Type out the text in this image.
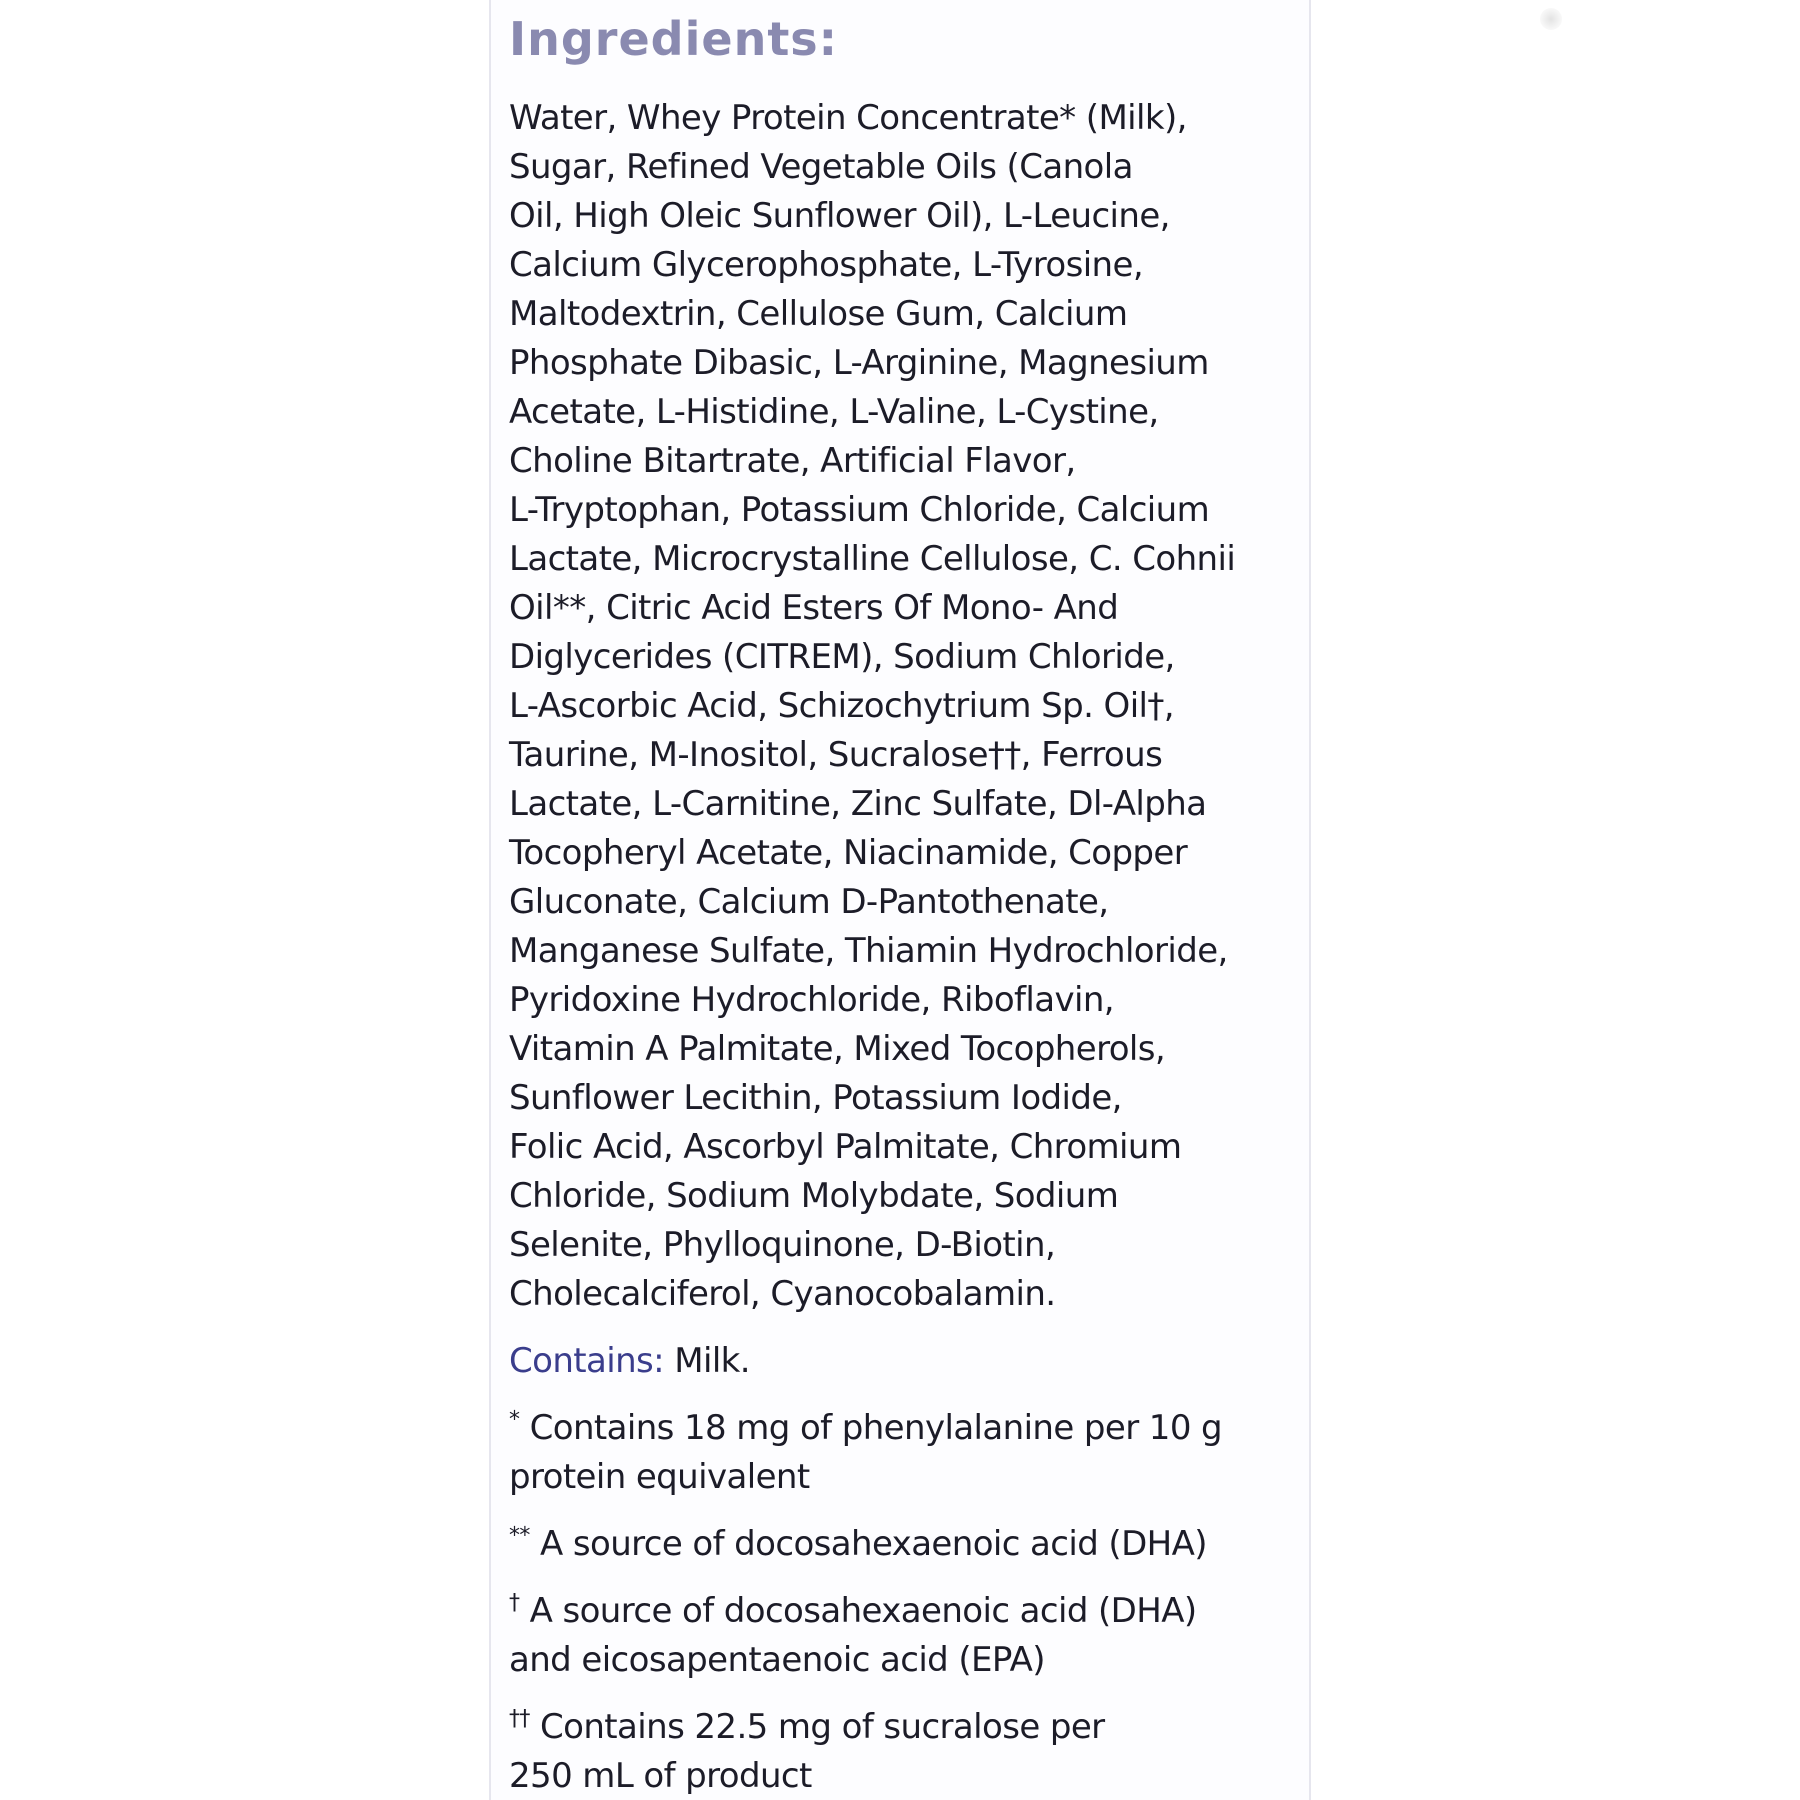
Ingredients:

Water, Whey Protein Concentrate* (Milk),
Sugar, Refined Vegetable Oils (Canola
Oil, High Oleic Sunflower Oil), L-Leucine,
Calcium Glycerophosphate, L-Tyrosine,
Maltodextrin, Cellulose Gum, Calcium
Phosphate Dibasic, L-Arginine, Magnesium
Acetate, L-Histidine, L-Valine, L-Cystine,
Choline Bitartrate, Artificial Flavor,
L-Tryptophan, Potassium Chloride, Calcium
Lactate, Microcrystalline Cellulose, C. Cohnii
Oil**, Citric Acid Esters Of Mono- And
Diglycerides (CITREM), Sodium Chloride,
L-Ascorbic Acid, Schizochytrium Sp. Oil†,
Taurine, M-Inositol, Sucralose††, Ferrous
Lactate, L-Carnitine, Zinc Sulfate, Dl-Alpha
Tocopheryl Acetate, Niacinamide, Copper
Gluconate, Calcium D-Pantothenate,
Manganese Sulfate, Thiamin Hydrochloride,
Pyridoxine Hydrochloride, Riboflavin,
Vitamin A Palmitate, Mixed Tocopherols,
Sunflower Lecithin, Potassium Iodide,
Folic Acid, Ascorbyl Palmitate, Chromium
Chloride, Sodium Molybdate, Sodium
Selenite, Phylloquinone, D-Biotin,
Cholecalciferol, Cyanocobalamin.

Contains: Milk.

* Contains 18 mg of phenylalanine per 10 g
protein equivalent

** A source of docosahexaenoic acid (DHA)

† A source of docosahexaenoic acid (DHA)
and eicosapentaenoic acid (EPA)

†† Contains 22.5 mg of sucralose per
250 mL of product
